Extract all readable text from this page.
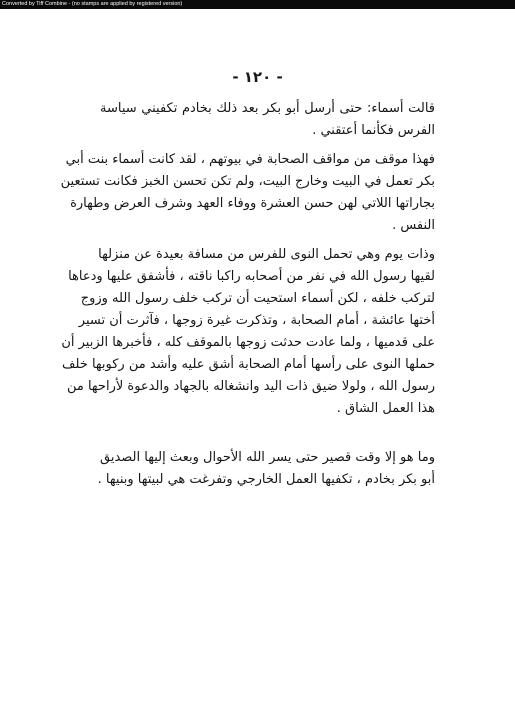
Converted by Tiff Combine - (no stamps are applied by registered version)
- ١٢٠ -
قالت أسماء: حتى أرسل أبو بكر بعد ذلك بخادم تكفيني سياسة
الفرس فكأنما أعتقني .
فهذا موقف من مواقف الصحابة في بيوتهم ، لقد كانت أسماء بنت أبي
بكر تعمل في البيت وخارج البيت، ولم تكن تحسن الخبز فكانت تستعين
بجاراتها اللاتي لهن حسن العشرة ووفاء العهد وشرف العرض وطهارة
النفس .
وذات يوم وهي تحمل النوى للفرس من مسافة بعيدة عن منزلها
لقيها رسول الله في نفر من أصحابه راكبا ناقته ، فأشفق عليها ودعاها
لتركب خلفه ، لكن أسماء استحيت أن تركب خلف رسول الله وزوج
أختها عائشة ، أمام الصحابة ، وتذكرت غيرة زوجها ، فآثرت أن تسير
على قدميها ، ولما عادت حدثت زوجها بالموقف كله ، فأخبرها الزبير أن
حملها النوى على رأسها أمام الصحابة أشق عليه وأشد من ركوبها خلف
رسول الله ، ولولا ضيق ذات اليد وانشغاله بالجهاد والدعوة لأراحها من
هذا العمل الشاق .
وما هو إلا وقت قصير حتى يسر الله الأحوال وبعث إليها الصديق
أبو بكر بخادم ، تكفيها العمل الخارجي وتفرغت هي لبيتها وبنيها .
